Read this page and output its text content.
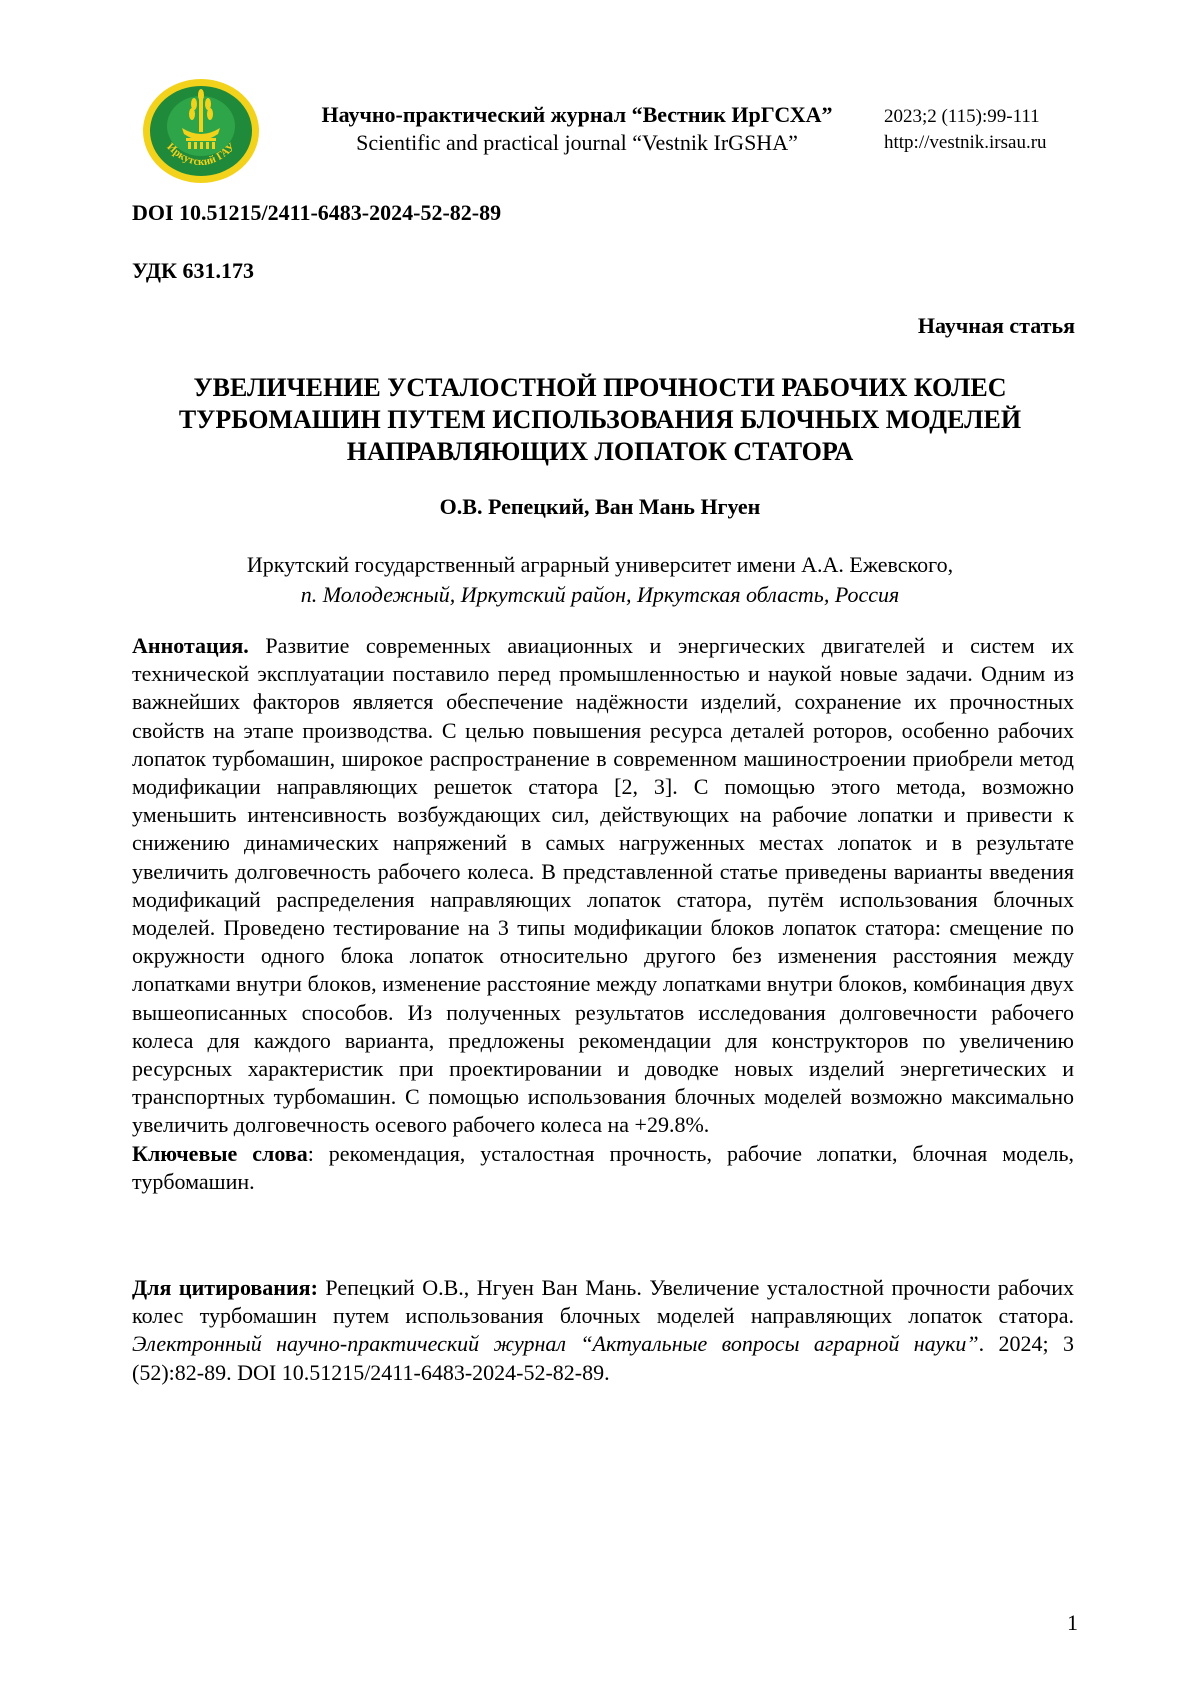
Иркутский ГАУ
Научно-практический журнал “Вестник ИрГСХА”
Scientific and practical journal “Vestnik IrGSHA”
2023;2 (115):99-111
http://vestnik.irsau.ru
DOI 10.51215/2411-6483-2024-52-82-89
УДК 631.173
Научная статья
УВЕЛИЧЕНИЕ УСТАЛОСТНОЙ ПРОЧНОСТИ РАБОЧИХ КОЛЕС
ТУРБОМАШИН ПУТЕМ ИСПОЛЬЗОВАНИЯ БЛОЧНЫХ МОДЕЛЕЙ
НАПРАВЛЯЮЩИХ ЛОПАТОК СТАТОРА
О.В. Репецкий, Ван Мань Нгуен
Иркутский государственный аграрный университет имени А.А. Ежевского,
п. Молодежный, Иркутский район, Иркутская область, Россия

Аннотация. Развитие современных авиационных и энергических двигателей и систем их технической эксплуатации поставило перед промышленностью и наукой новые задачи. Одним из важнейших факторов является обеспечение надёжности изделий, сохранение их прочностных свойств на этапе производства. С целью повышения ресурса деталей роторов, особенно рабочих лопаток турбомашин, широкое распространение в современном машиностроении приобрели метод модификации направляющих решеток статора [2, 3]. С помощью этого метода, возможно уменьшить интенсивность возбуждающих сил, действующих на рабочие лопатки и привести к снижению динамических напряжений в самых нагруженных местах лопаток и в результате увеличить долговечность рабочего колеса. В представленной статье приведены варианты введения модификаций распределения направляющих лопаток статора, путём использования блочных моделей. Проведено тестирование на 3 типы модификации блоков лопаток статора: смещение по окружности одного блока лопаток относительно другого без изменения расстояния между лопатками внутри блоков, изменение расстояние между лопатками внутри блоков, комбинация двух вышеописанных способов. Из полученных результатов исследования долговечности рабочего колеса для каждого варианта, предложены рекомендации для конструкторов по увеличению ресурсных характеристик при проектировании и доводке новых изделий энергетических и транспортных турбомашин. С помощью использования блочных моделей возможно максимально увеличить долговечность осевого рабочего колеса на +29.8%.

Ключевые слова: рекомендация, усталостная прочность, рабочие лопатки, блочная модель, турбомашин.

Для цитирования: Репецкий О.В., Нгуен Ван Мань. Увеличение усталостной прочности рабочих колес турбомашин путем использования блочных моделей направляющих лопаток статора. Электронный научно-практический журнал “Актуальные вопросы аграрной науки”. 2024; 3 (52):82-89. DOI 10.51215/2411-6483-2024-52-82-89.
1
